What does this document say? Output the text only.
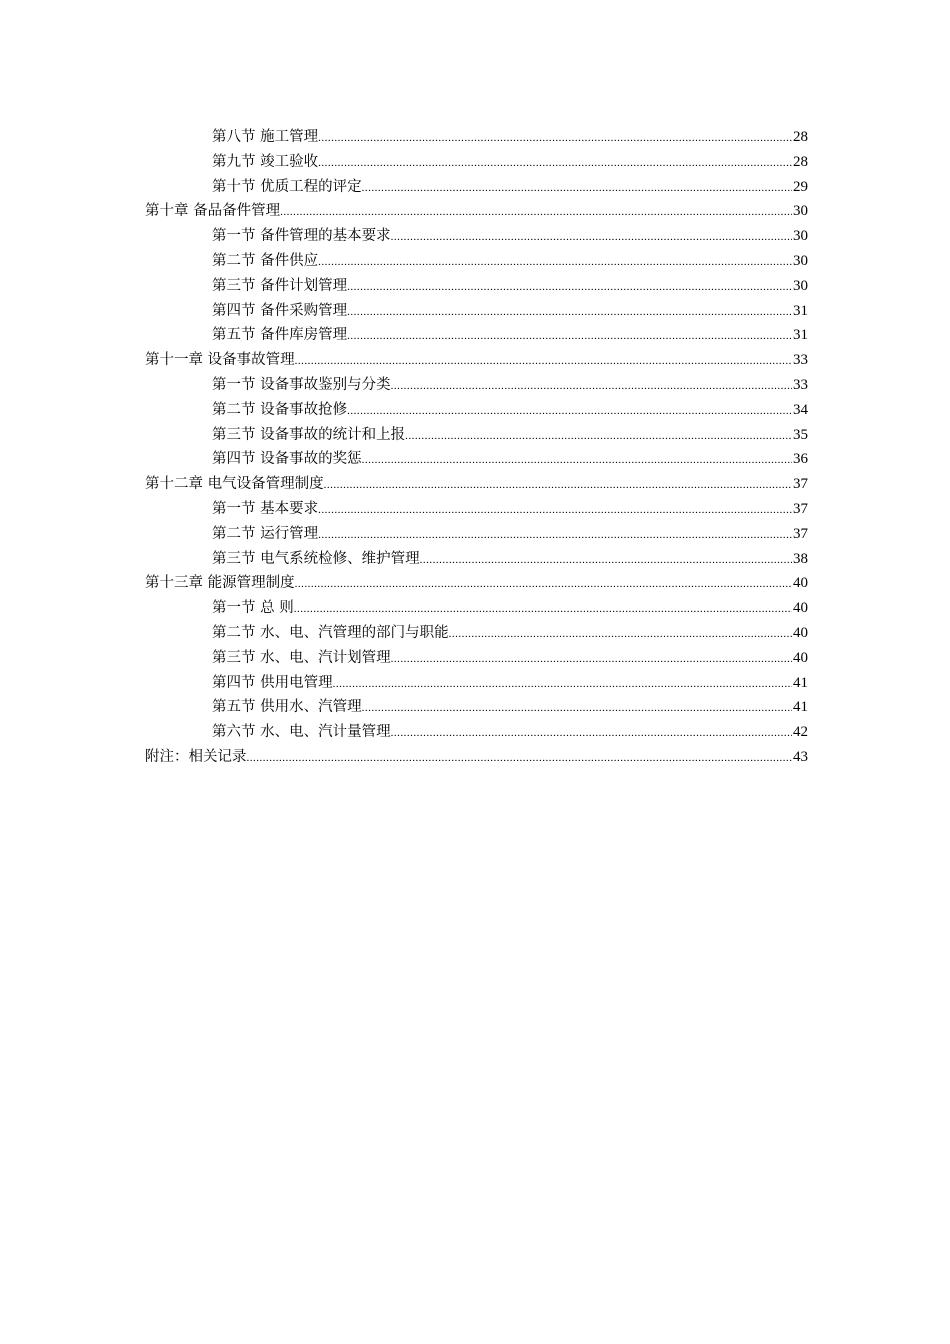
第八节 施工管理 .....	28
第九节 竣工验收 .....	28
第十节 优质工程的评定 .....	29
第十章 备品备件管理 .....	30
第一节 备件管理的基本要求 .....	30
第二节 备件供应 .....	30
第三节 备件计划管理 .....	30
第四节 备件采购管理 .....	31
第五节 备件库房管理 .....	31
第十一章 设备事故管理 .....	33
第一节 设备事故鉴别与分类 .....	33
第二节 设备事故抢修 .....	34
第三节 设备事故的统计和上报 .....	35
第四节 设备事故的奖惩 .....	36
第十二章 电气设备管理制度 .....	37
第一节 基本要求 .....	37
第二节 运行管理 .....	37
第三节 电气系统检修、维护管理 .....	38
第十三章 能源管理制度 .....	40
第一节 总 则 .....	40
第二节 水、电、汽管理的部门与职能 .....	40
第三节 水、电、汽计划管理 .....	40
第四节 供用电管理 .....	41
第五节 供用水、汽管理 .....	41
第六节 水、电、汽计量管理 .....	42
附注：相关记录 .....	43
